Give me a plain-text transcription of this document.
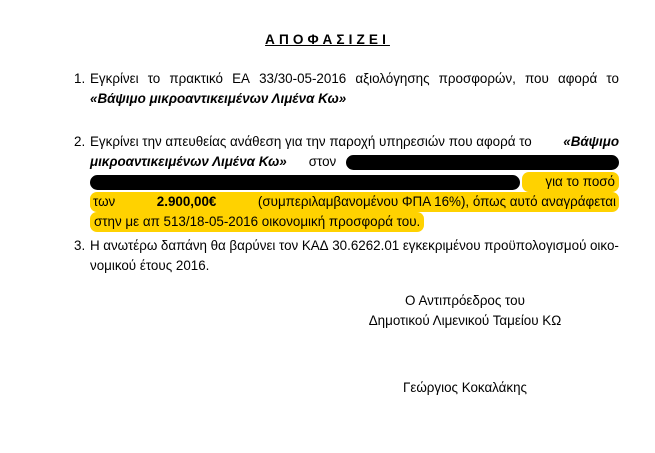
ΑΠΟΦΑΣΙΖΕΙ
1. Εγκρίνει το πρακτικό ΕΑ 33/30-05-2016 αξιολόγησης προσφορών, που αφορά το
«Βάψιμο μικροαντικειμένων Λιμένα Κω»
2. Εγκρίνει την απευθείας ανάθεση για την παροχή υπηρεσιών που αφορά το «Βάψιμο
μικροαντικειμένων Λιμένα Κω» στον
για το ποσό
των	2.900,00€	(συμπεριλαμβανομένου ΦΠΑ 16%), όπως αυτό αναγράφεται
στην με απ 513/18-05-2016 οικονομική προσφορά του.
3. Η ανωτέρω δαπάνη θα βαρύνει τον ΚΑΔ 30.6262.01 εγκεκριμένου προϋπολογισμού οικο-
νομικού έτους 2016.
Ο Αντιπρόεδρος του
Δημοτικού Λιμενικού Ταμείου ΚΩ
Γεώργιος Κοκαλάκης
